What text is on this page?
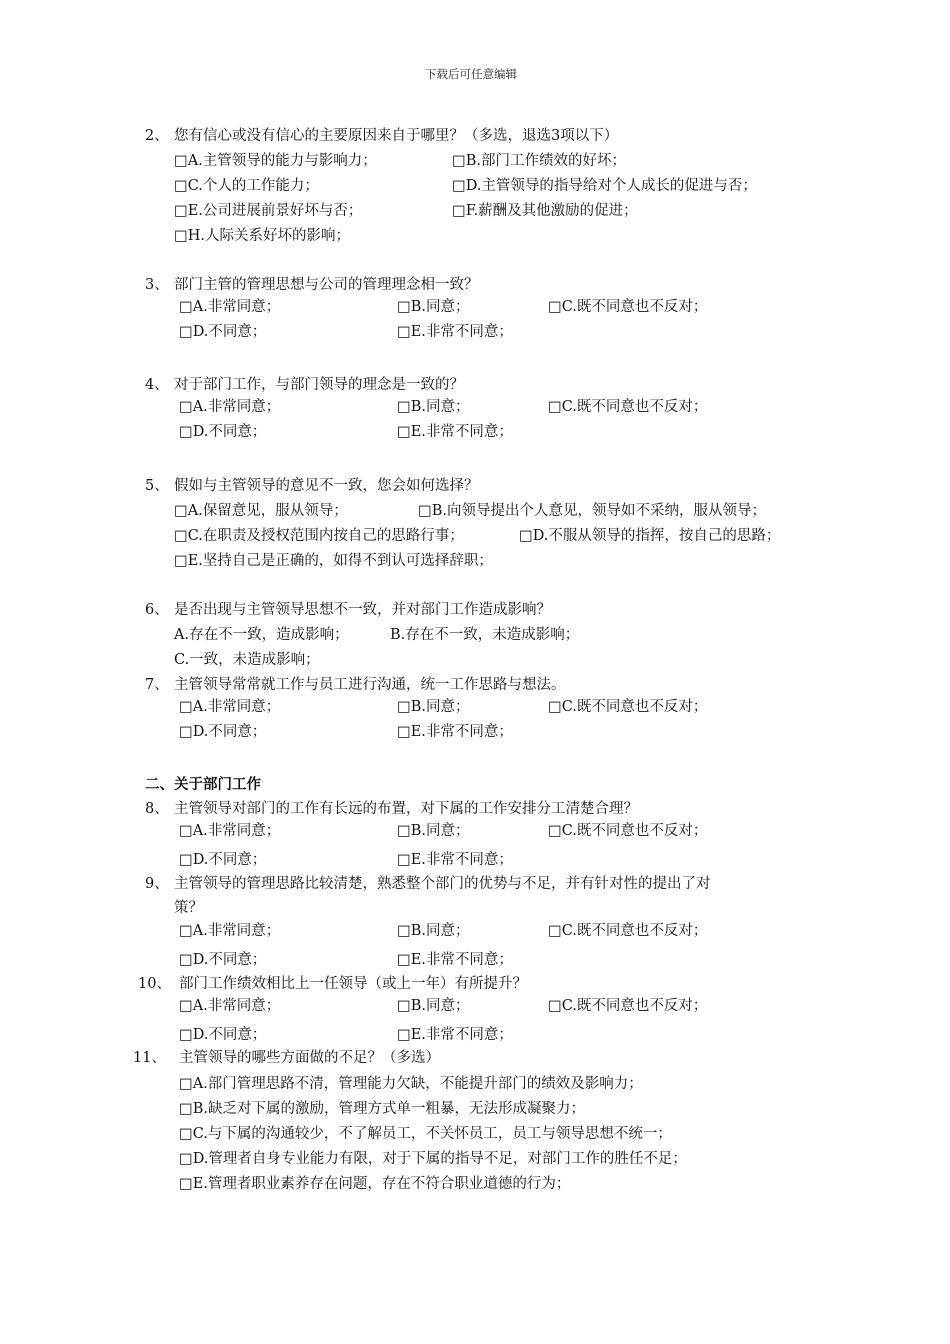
下载后可任意编辑
2、 您有信心或没有信心的主要原因来自于哪里？（多选，退选3项以下）
□A.主管领导的能力与影响力；	□B.部门工作绩效的好坏；
□C.个人的工作能力；	□D.主管领导的指导给对个人成长的促进与否；
□E.公司进展前景好坏与否；	□F.薪酬及其他激励的促进；
□H.人际关系好坏的影响；
3、 部门主管的管理思想与公司的管理理念相一致？
□A.非常同意；	□B.同意；	□C.既不同意也不反对；
□D.不同意；	□E.非常不同意；
4、 对于部门工作，与部门领导的理念是一致的？
□A.非常同意；	□B.同意；	□C.既不同意也不反对；
□D.不同意；	□E.非常不同意；
5、 假如与主管领导的意见不一致，您会如何选择？
□A.保留意见，服从领导；	□B.向领导提出个人意见，领导如不采纳，服从领导；
□C.在职责及授权范围内按自己的思路行事；	□D.不服从领导的指挥，按自己的思路；
□E.坚持自己是正确的，如得不到认可选择辞职；
6、 是否出现与主管领导思想不一致，并对部门工作造成影响？
A.存在不一致，造成影响；	B.存在不一致，未造成影响；
C.一致，未造成影响；
7、 主管领导常常就工作与员工进行沟通，统一工作思路与想法。
□A.非常同意；	□B.同意；	□C.既不同意也不反对；
□D.不同意；	□E.非常不同意；
二、关于部门工作
8、 主管领导对部门的工作有长远的布置，对下属的工作安排分工清楚合理？
□A.非常同意；	□B.同意；	□C.既不同意也不反对；
□D.不同意；	□E.非常不同意；
9、 主管领导的管理思路比较清楚，熟悉整个部门的优势与不足，并有针对性的提出了对
策？
□A.非常同意；	□B.同意；	□C.既不同意也不反对；
□D.不同意；	□E.非常不同意；
10、 部门工作绩效相比上一任领导（或上一年）有所提升？
□A.非常同意；	□B.同意；	□C.既不同意也不反对；
□D.不同意；	□E.非常不同意；
11、 主管领导的哪些方面做的不足？（多选）
□A.部门管理思路不清，管理能力欠缺，不能提升部门的绩效及影响力；
□B.缺乏对下属的激励，管理方式单一粗暴，无法形成凝聚力；
□C.与下属的沟通较少，不了解员工，不关怀员工，员工与领导思想不统一；
□D.管理者自身专业能力有限，对于下属的指导不足，对部门工作的胜任不足；
□E.管理者职业素养存在问题，存在不符合职业道德的行为；
